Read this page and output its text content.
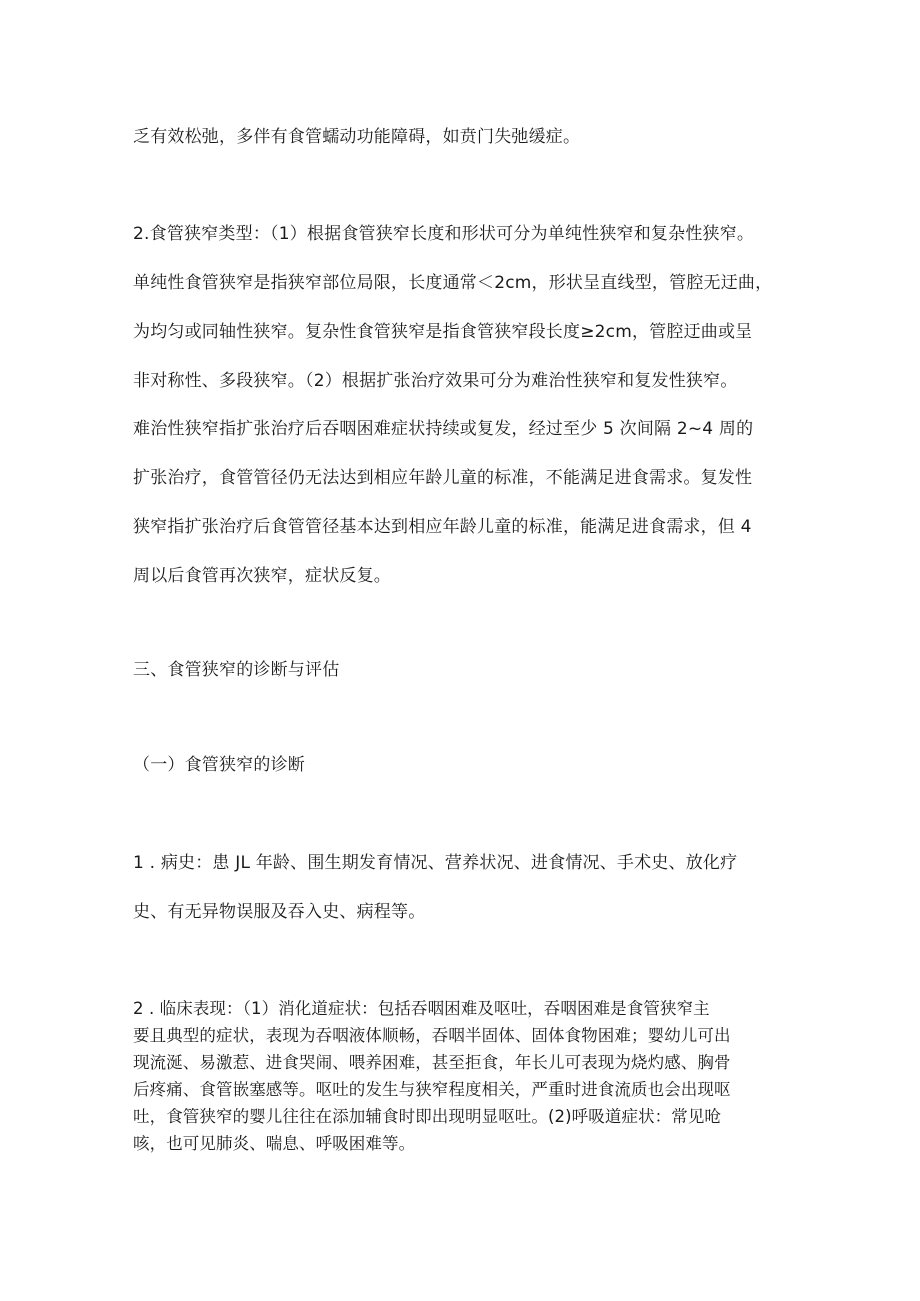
乏有效松弛，多伴有食管蠕动功能障碍，如贲门失弛缓症。
2.食管狭窄类型：（1）根据食管狭窄长度和形状可分为单纯性狭窄和复杂性狭窄。
单纯性食管狭窄是指狭窄部位局限，长度通常＜2cm，形状呈直线型，管腔无迂曲，
为均匀或同轴性狭窄。复杂性食管狭窄是指食管狭窄段长度≥2cm，管腔迂曲或呈
非对称性、多段狭窄。（2）根据扩张治疗效果可分为难治性狭窄和复发性狭窄。
难治性狭窄指扩张治疗后吞咽困难症状持续或复发，经过至少 5 次间隔 2~4 周的
扩张治疗，食管管径仍无法达到相应年龄儿童的标准，不能满足进食需求。复发性
狭窄指扩张治疗后食管管径基本达到相应年龄儿童的标准，能满足进食需求，但 4
周以后食管再次狭窄，症状反复。
三、食管狭窄的诊断与评估
（一）食管狭窄的诊断
1 . 病史：患 JL 年龄、围生期发育情况、营养状况、进食情况、手术史、放化疗
史、有无异物误服及吞入史、病程等。
2 . 临床表现：（1）消化道症状：包括吞咽困难及呕吐，吞咽困难是食管狭窄主
要且典型的症状，表现为吞咽液体顺畅，吞咽半固体、固体食物困难；婴幼儿可出
现流涎、易激惹、进食哭闹、喂养困难，甚至拒食，年长儿可表现为烧灼感、胸骨
后疼痛、食管嵌塞感等。呕吐的发生与狭窄程度相关，严重时进食流质也会出现呕
吐，食管狭窄的婴儿往往在添加辅食时即出现明显呕吐。(2)呼吸道症状：常见呛
咳，也可见肺炎、喘息、呼吸困难等。
